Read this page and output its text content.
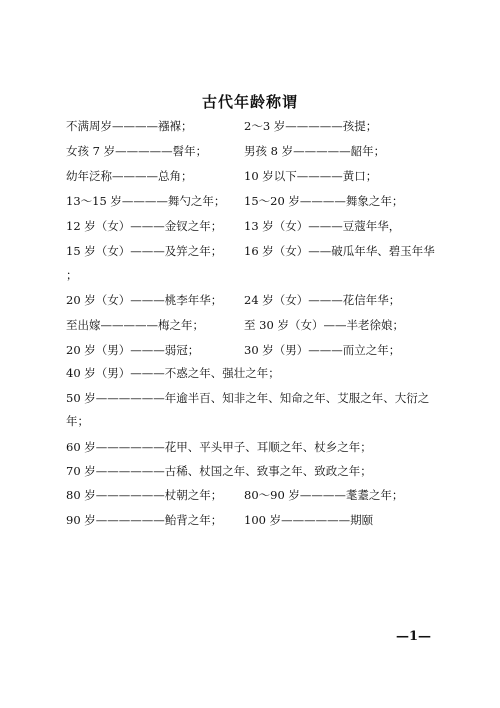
古代年龄称谓
不满周岁————襁褓；	2～3 岁—————孩提；
女孩 7 岁—————髫年；	男孩 8 岁—————龆年；
幼年泛称————总角；	10 岁以下————黄口；
13～15 岁————舞勺之年； 15～20 岁————舞象之年；
12 岁（女）———金钗之年； 13 岁（女）———豆蔻年华，
15 岁（女）———及笄之年； 16 岁（女）——破瓜年华、碧玉年华
；
20 岁（女）———桃李年华； 24 岁（女）———花信年华；
至出嫁—————梅之年；	至 30 岁（女）——半老徐娘；
20 岁（男）———弱冠；	30 岁（男）———而立之年；
40 岁（男）———不惑之年、强壮之年；
50 岁——————年逾半百、知非之年、知命之年、艾服之年、大衍之
年；
60 岁——————花甲、平头甲子、耳顺之年、杖乡之年；
70 岁——————古稀、杖国之年、致事之年、致政之年；
80 岁——————杖朝之年； 80～90 岁————耄耋之年；
90 岁——————鲐背之年； 100 岁——————期颐
—1—
